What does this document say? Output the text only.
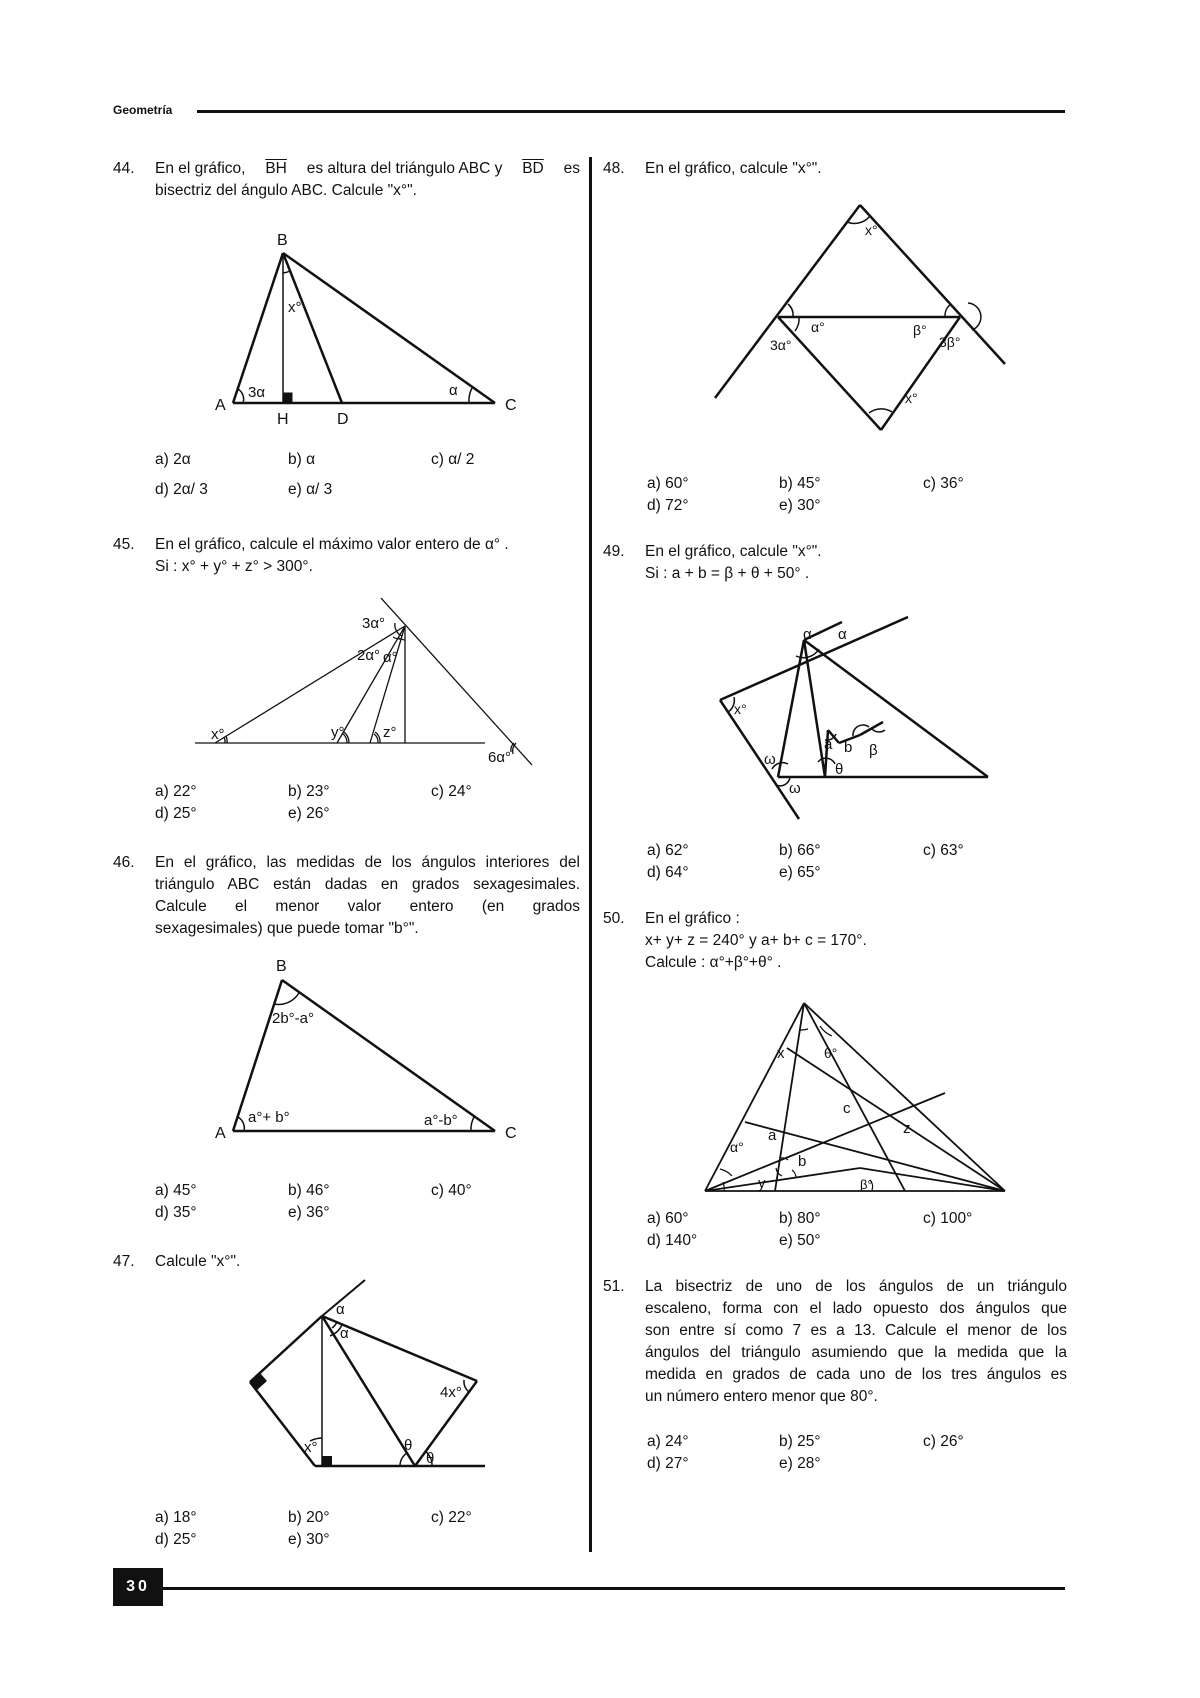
Geometría
44. En el gráfico, $\overline{BH}$ es altura del triángulo ABC y $\overline{BD}$ es
bisectriz del ángulo ABC. Calcule "x°".
B
A	C
H	D
x°
3α	α
a) 2α	b) α	c) α/ 2
d) 2α/ 3	e) α/ 3
45. En el gráfico, calcule el máximo valor entero de α° .
Si : x° + y° + z° > 300°.
3α°
2α° α°
x°	y°	z°
6α°
a) 22°	b) 23°	c) 24°
d) 25°	e) 26°
46. En el gráfico, las medidas de los ángulos interiores del
triángulo ABC están dadas en grados sexagesimales.
Calcule el menor valor entero (en grados
sexagesimales) que puede tomar "b°".
B
A	C
2b°-a°
a°+ b°	a°-b°
a) 45°	b) 46°	c) 40°
d) 35°	e) 36°
47. Calcule "x°".
α
α
4x°
x°	θ
θ
a) 18°	b) 20°	c) 22°
d) 25°	e) 30°
48. En el gráfico, calcule "x°".
x°
α°
3α°
β°
3β°
x°
a) 60°	b) 45°	c) 36°
d) 72°	e) 30°
49. En el gráfico, calcule "x°".
Si : a + b = β + θ + 50° .
α α
x°
a b β
θ
ω
ω
a) 62°	b) 66°	c) 63°
d) 64°	e) 65°
50. En el gráfico :
x+ y+ z = 240° y a+ b+ c = 170°.
Calcule : α°+β°+θ° .
x	θ°
c
z
α°
a
b
y	β°
a) 60°	b) 80°	c) 100°
d) 140°	e) 50°
51. La bisectriz de uno de los ángulos de un triángulo
escaleno, forma con el lado opuesto dos ángulos que
son entre sí como 7 es a 13. Calcule el menor de los
ángulos del triángulo asumiendo que la medida que la
medida en grados de cada uno de los tres ángulos es
un número entero menor que 80°.
a) 24°	b) 25°	c) 26°
d) 27°	e) 28°
30
